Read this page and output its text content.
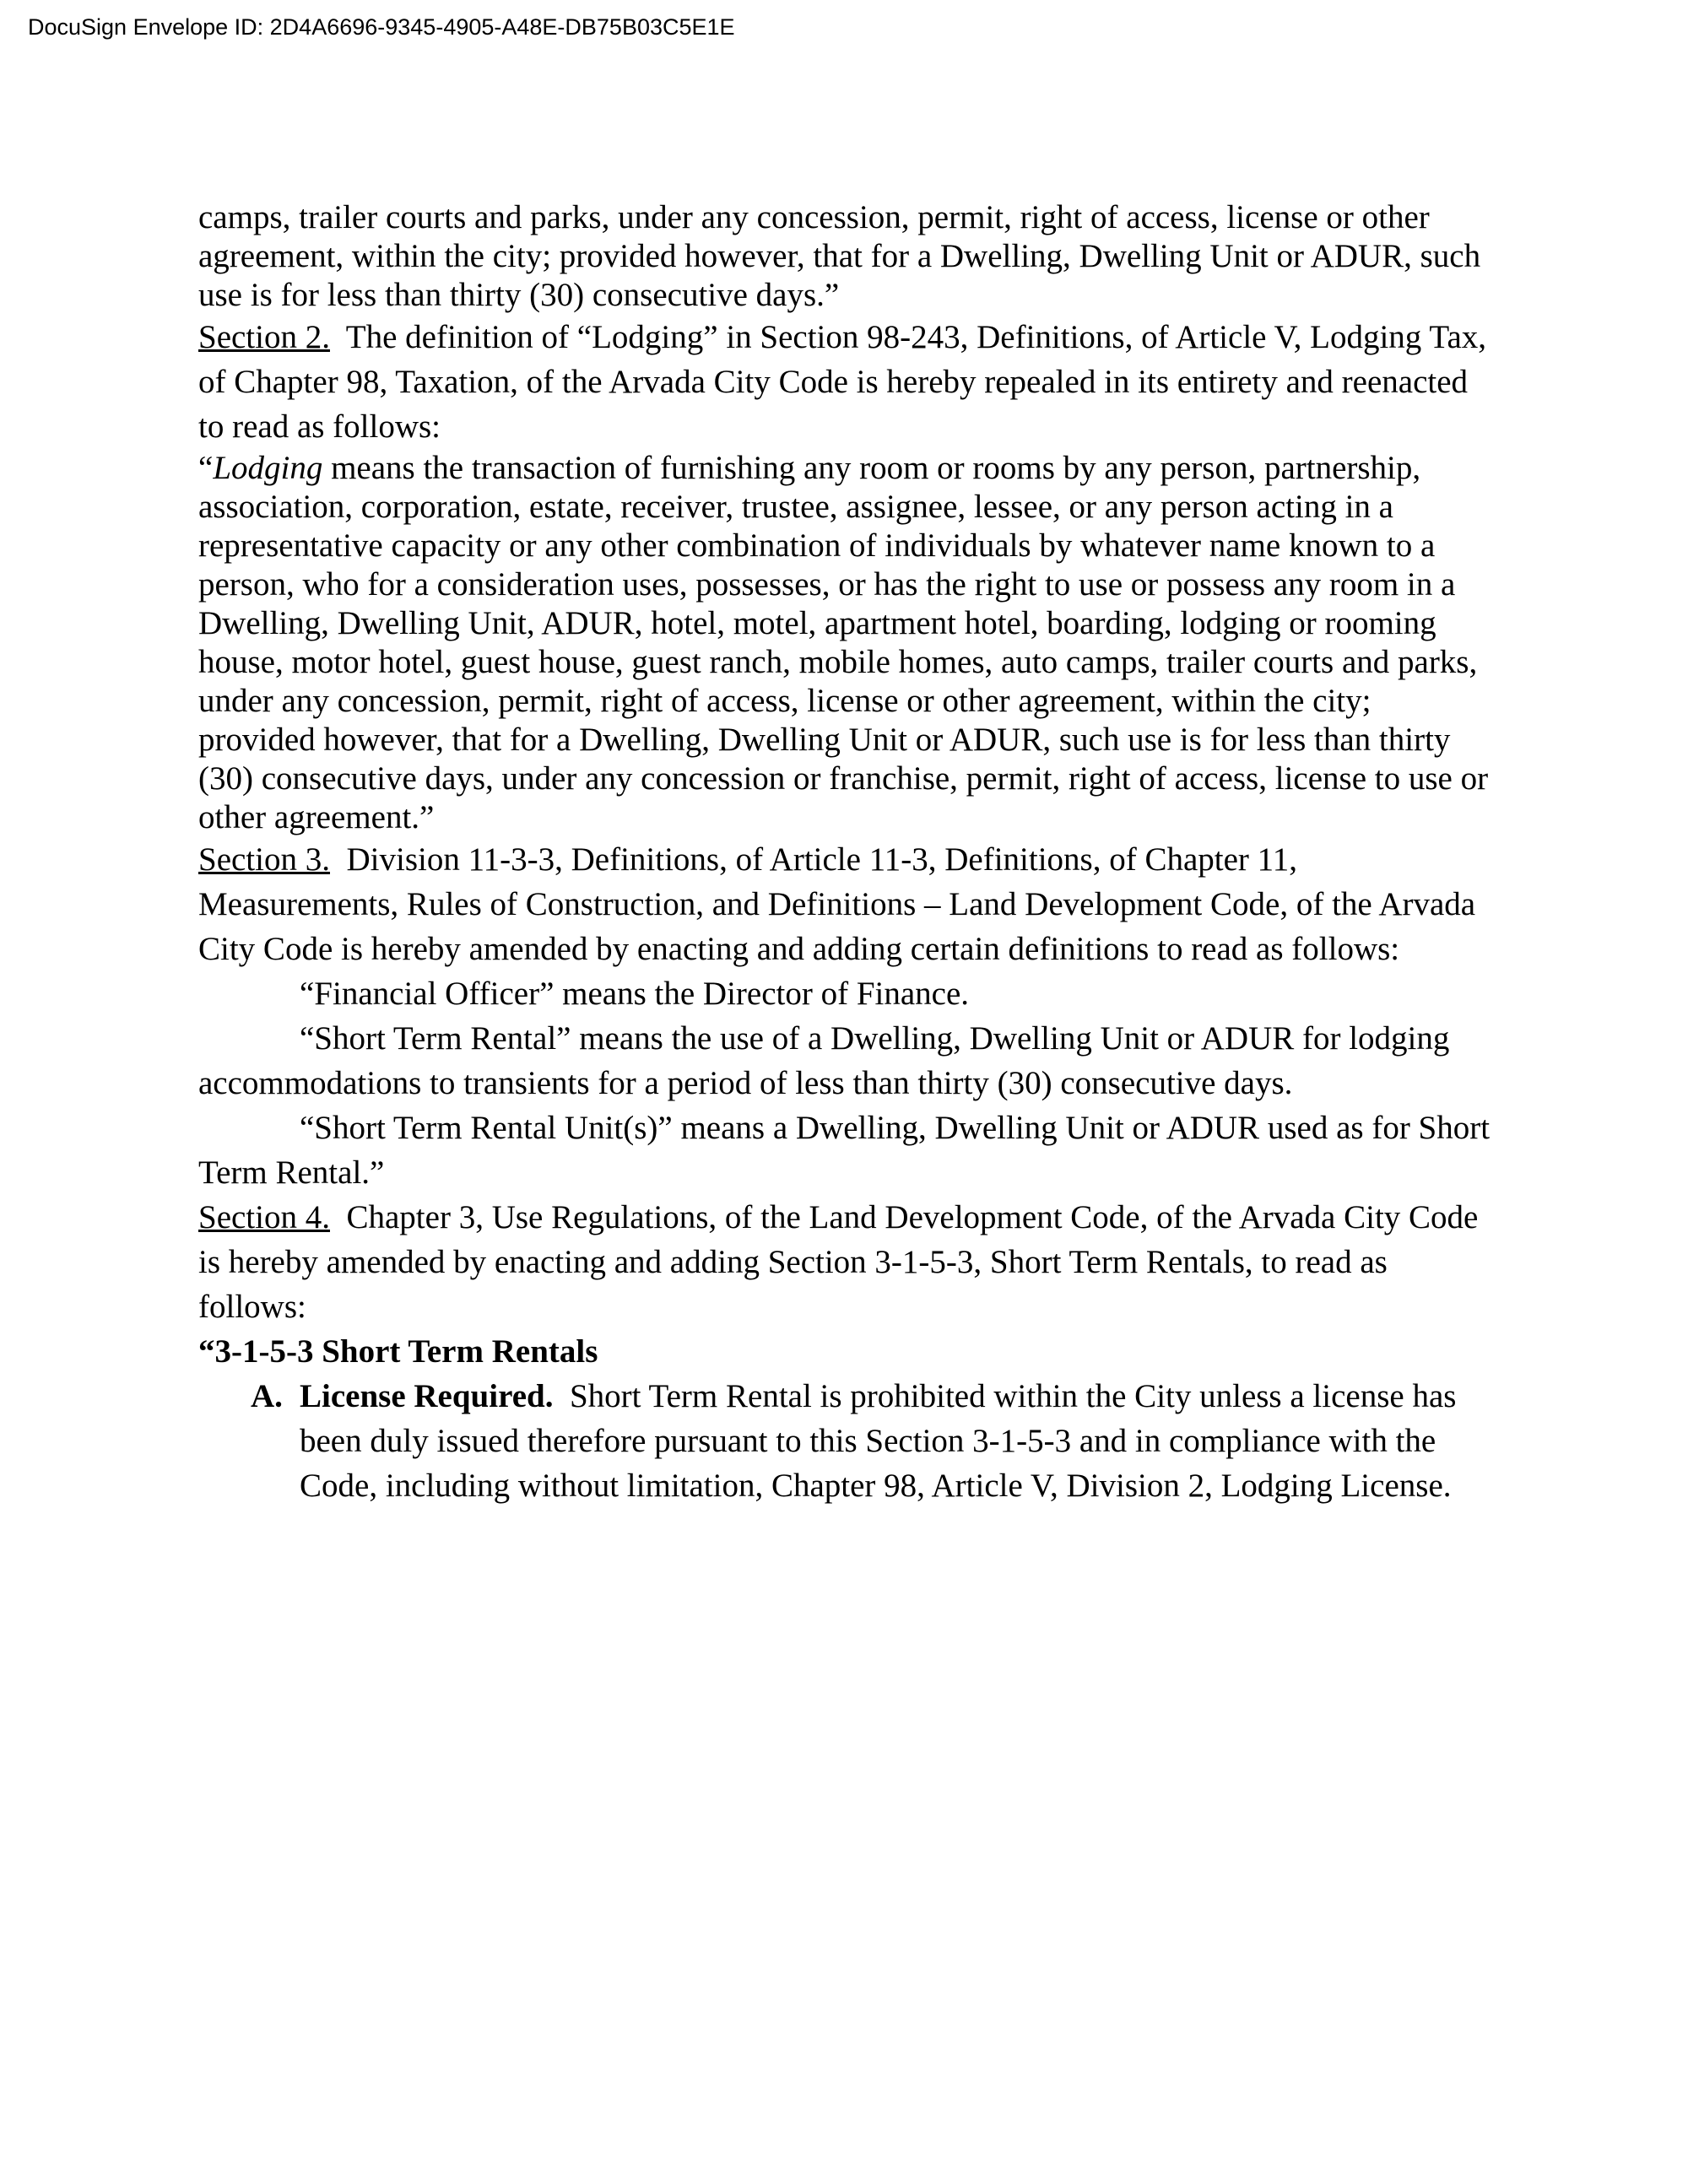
DocuSign Envelope ID: 2D4A6696-9345-4905-A48E-DB75B03C5E1E

camps, trailer courts and parks, under any concession, permit, right of access, license or other agreement, within the city; provided however, that for a Dwelling, Dwelling Unit or ADUR, such use is for less than thirty (30) consecutive days.”

Section 2.  The definition of “Lodging” in Section 98-243, Definitions, of Article V, Lodging Tax, of Chapter 98, Taxation, of the Arvada City Code is hereby repealed in its entirety and reenacted to read as follows:

“Lodging means the transaction of furnishing any room or rooms by any person, partnership, association, corporation, estate, receiver, trustee, assignee, lessee, or any person acting in a representative capacity or any other combination of individuals by whatever name known to a person, who for a consideration uses, possesses, or has the right to use or possess any room in a Dwelling, Dwelling Unit, ADUR, hotel, motel, apartment hotel, boarding, lodging or rooming house, motor hotel, guest house, guest ranch, mobile homes, auto camps, trailer courts and parks, under any concession, permit, right of access, license or other agreement, within the city; provided however, that for a Dwelling, Dwelling Unit or ADUR, such use is for less than thirty (30) consecutive days, under any concession or franchise, permit, right of access, license to use or other agreement.”

Section 3.  Division 11-3-3, Definitions, of Article 11-3, Definitions, of Chapter 11, Measurements, Rules of Construction, and Definitions – Land Development Code, of the Arvada City Code is hereby amended by enacting and adding certain definitions to read as follows:

“Financial Officer” means the Director of Finance.

“Short Term Rental” means the use of a Dwelling, Dwelling Unit or ADUR for lodging accommodations to transients for a period of less than thirty (30) consecutive days.

“Short Term Rental Unit(s)” means a Dwelling, Dwelling Unit or ADUR used as for Short Term Rental.”

Section 4.  Chapter 3, Use Regulations, of the Land Development Code, of the Arvada City Code is hereby amended by enacting and adding Section 3-1-5-3, Short Term Rentals, to read as follows:

“3-1-5-3 Short Term Rentals

A. License Required.  Short Term Rental is prohibited within the City unless a license has been duly issued therefore pursuant to this Section 3-1-5-3 and in compliance with the Code, including without limitation, Chapter 98, Article V, Division 2, Lodging License.
